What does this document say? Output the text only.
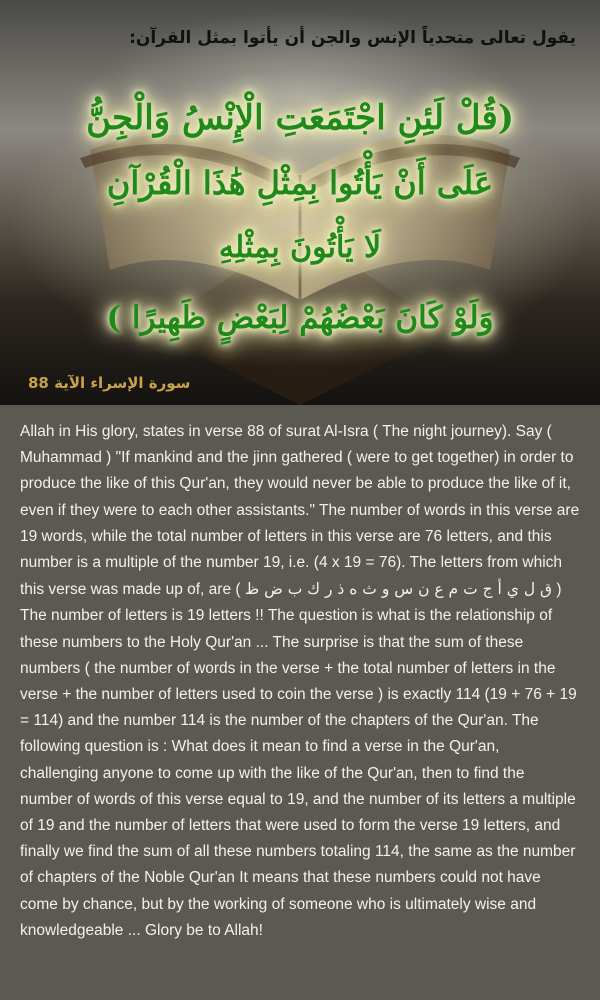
يقول تعالى متحدياً الإنس والجن أن يأتوا بمثل القرآن:
(قُلْ لَئِنِ اجْتَمَعَتِ الْإِنْسُ وَالْجِنُّ
عَلَى أَنْ يَأْتُوا بِمِثْلِ هَٰذَا الْقُرْآنِ
لَا يَأْتُونَ بِمِثْلِهِ
وَلَوْ كَانَ بَعْضُهُمْ لِبَعْضٍ ظَهِيرًا )
سورة الإسراء الآية 88

Allah in His glory, states in verse 88 of surat Al-Isra ( The night journey). Say ( Muhammad ) "If mankind and the jinn gathered ( were to get together) in order to produce the like of this Qur'an, they would never be able to produce the like of it, even if they were to each other assistants." The number of words in this verse are 19 words, while the total number of letters in this verse are 76 letters, and this number is a multiple of the number 19, i.e. (4 x 19 = 76). The letters from which this verse was made up of, are ( ق ل ي أ ج ت م ع ن س و ث ه ذ ر ك ب ض ظ ) The number of letters is 19 letters !! The question is what is the relationship of these numbers to the Holy Qur'an ... The surprise is that the sum of these numbers ( the number of words in the verse + the total number of letters in the verse + the number of letters used to coin the verse ) is exactly 114 (19 + 76 + 19 = 114) and the number 114 is the number of the chapters of the Qur'an. The following question is : What does it mean to find a verse in the Qur'an, challenging anyone to come up with the like of the Qur'an, then to find the number of words of this verse equal to 19, and the number of its letters a multiple of 19 and the number of letters that were used to form the verse 19 letters, and finally we find the sum of all these numbers totaling 114, the same as the number of chapters of the Noble Qur'an It means that these numbers could not have come by chance, but by the working of someone who is ultimately wise and knowledgeable ... Glory be to Allah!
